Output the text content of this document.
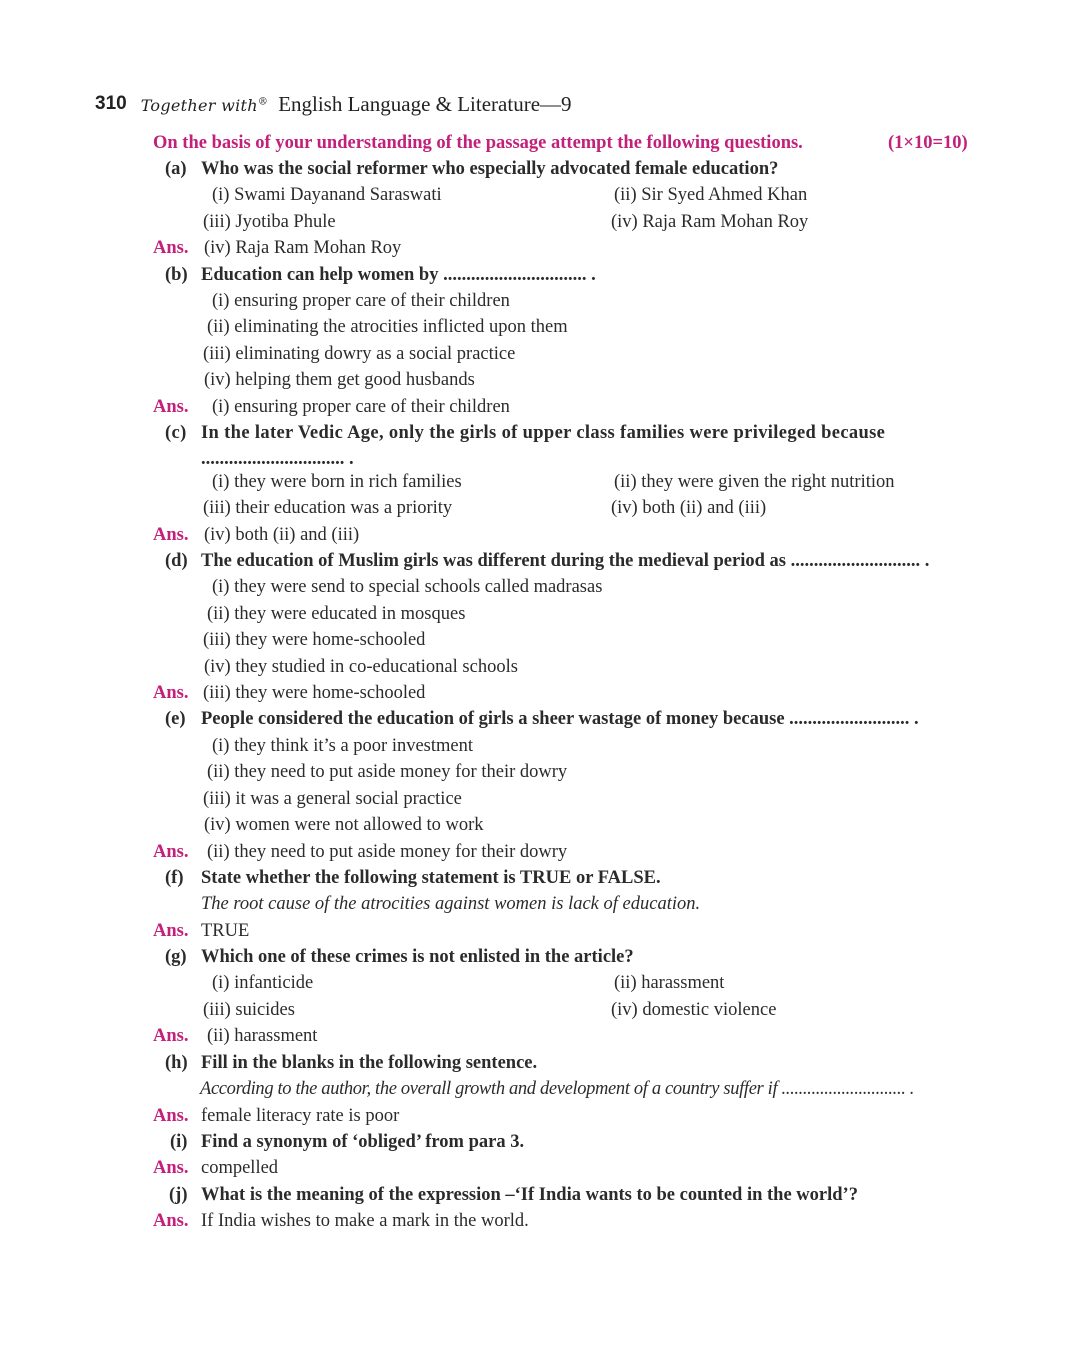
310 Together with® English Language & Literature—9
On the basis of your understanding of the passage attempt the following questions.	(1×10=10)
(a) Who was the social reformer who especially advocated female education?
(i) Swami Dayanand Saraswati	(ii) Sir Syed Ahmed Khan
(iii) Jyotiba Phule	(iv) Raja Ram Mohan Roy
Ans. (iv) Raja Ram Mohan Roy
(b) Education can help women by ............................... .
(i) ensuring proper care of their children
(ii) eliminating the atrocities inflicted upon them
(iii) eliminating dowry as a social practice
(iv) helping them get good husbands
Ans. (i) ensuring proper care of their children
(c) In the later Vedic Age, only the girls of upper class families were privileged because
............................... .
(i) they were born in rich families	(ii) they were given the right nutrition
(iii) their education was a priority	(iv) both (ii) and (iii)
Ans. (iv) both (ii) and (iii)
(d) The education of Muslim girls was different during the medieval period as ............................ .
(i) they were send to special schools called madrasas
(ii) they were educated in mosques
(iii) they were home-schooled
(iv) they studied in co-educational schools
Ans. (iii) they were home-schooled
(e) People considered the education of girls a sheer wastage of money because .......................... .
(i) they think it’s a poor investment
(ii) they need to put aside money for their dowry
(iii) it was a general social practice
(iv) women were not allowed to work
Ans. (ii) they need to put aside money for their dowry
(f) State whether the following statement is TRUE or FALSE.
The root cause of the atrocities against women is lack of education.
Ans. TRUE
(g) Which one of these crimes is not enlisted in the article?
(i) infanticide	(ii) harassment
(iii) suicides	(iv) domestic violence
Ans. (ii) harassment
(h) Fill in the blanks in the following sentence.
According to the author, the overall growth and development of a country suffer if ............................. .
Ans. female literacy rate is poor
(i) Find a synonym of ‘obliged’ from para 3.
Ans. compelled
(j) What is the meaning of the expression –‘If India wants to be counted in the world’?
Ans. If India wishes to make a mark in the world.
